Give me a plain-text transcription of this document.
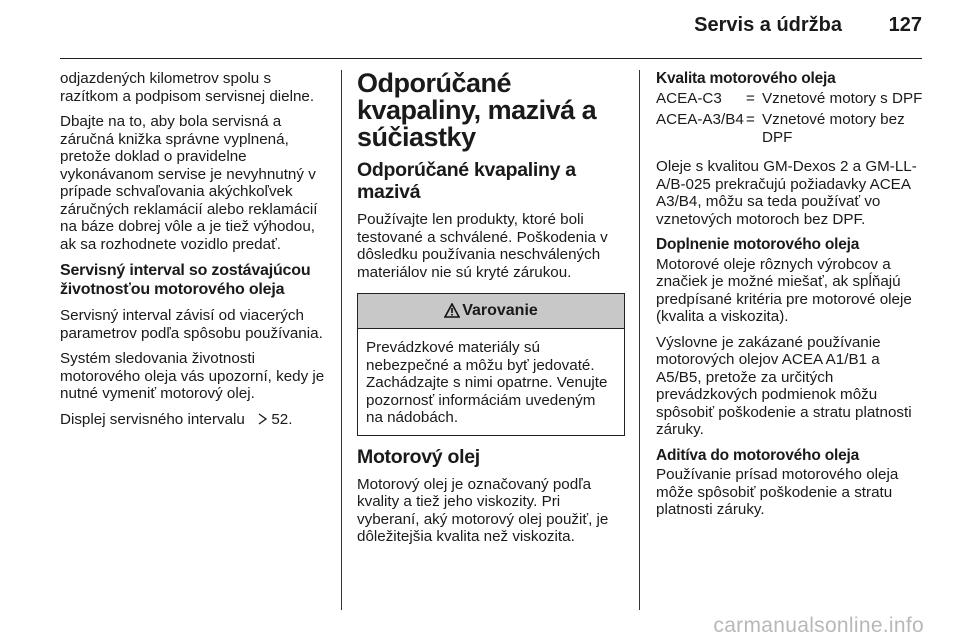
Servis a údržba 127

odjazdených kilometrov spolu s razítkom a podpisom servisnej dielne.

Dbajte na to, aby bola servisná a záručná knižka správne vyplnená, pretože doklad o pravidelne vykonávanom servise je nevyhnutný v prípade schvaľovania akýchkoľvek záručných reklamácií alebo reklamácií na báze dobrej vôle a je tiež výhodou, ak sa rozhodnete vozidlo predať.

Servisný interval so zostávajúcou životnosťou motorového oleja

Servisný interval závisí od viacerých parametrov podľa spôsobu používania.

Systém sledovania životnosti motorového oleja vás upozorní, kedy je nutné vymeniť motorový olej.

Displej servisného intervalu  52.

Odporúčané kvapaliny, mazivá a súčiastky

Odporúčané kvapaliny a mazivá

Používajte len produkty, ktoré boli testované a schválené. Poškodenia v dôsledku používania neschválených materiálov nie sú kryté zárukou.

Varovanie
Prevádzkové materiály sú nebezpečné a môžu byť jedovaté. Zachádzajte s nimi opatrne. Venujte pozornosť informáciám uvedeným na nádobách.

Motorový olej

Motorový olej je označovaný podľa kvality a tiež jeho viskozity. Pri vyberaní, aký motorový olej použiť, je dôležitejšia kvalita než viskozita.

Kvalita motorového oleja

ACEA-C3	= Vznetové motory s DPF
ACEA-A3/B4 = Vznetové motory bez DPF

Oleje s kvalitou GM-Dexos 2 a GM-LL-A/B-025 prekračujú požiadavky ACEA A3/B4, môžu sa teda používať vo vznetových motoroch bez DPF.

Doplnenie motorového oleja

Motorové oleje rôznych výrobcov a značiek je možné miešať, ak spĺňajú predpísané kritéria pre motorové oleje (kvalita a viskozita).

Výslovne je zakázané používanie motorových olejov ACEA A1/B1 a A5/B5, pretože za určitých prevádzkových podmienok môžu spôsobiť poškodenie a stratu platnosti záruky.

Aditíva do motorového oleja

Používanie prísad motorového oleja môže spôsobiť poškodenie a stratu platnosti záruky.

carmanualsonline.info
